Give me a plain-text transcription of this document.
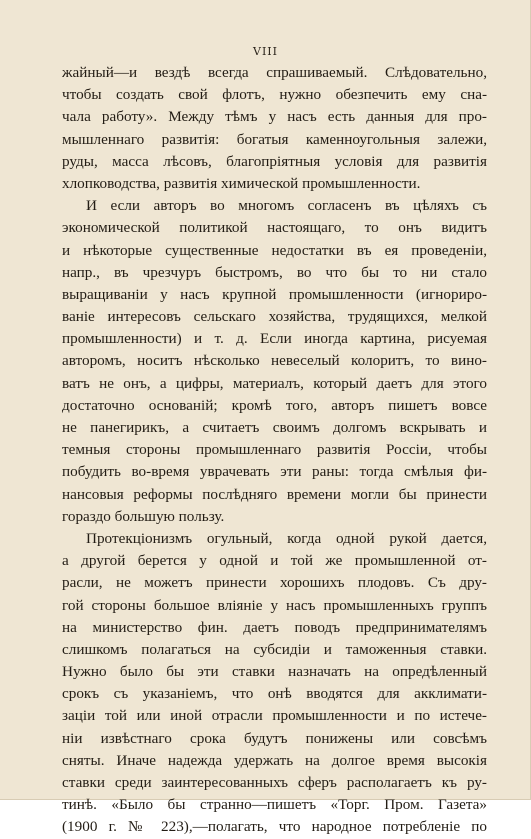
VIII

жайный—и вездѣ всегда спрашиваемый. Слѣдовательно,
чтобы создать свой флотъ, нужно обезпечить ему сна-
чала работу». Между тѣмъ у насъ есть данныя для про-
мышленнаго развитія: богатыя каменноугольныя залежи,
руды, масса лѣсовъ, благопріятныя условія для развитія
хлопководства, развитія химической промышленности.

И если авторъ во многомъ согласенъ въ цѣляхъ съ
экономической политикой настоящаго, то онъ видитъ
и нѣкоторые существенные недостатки въ ея проведеніи,
напр., въ чрезчуръ быстромъ, во что бы то ни стало
выращиваніи у насъ крупной промышленности (игнориро-
ваніе интересовъ сельскаго хозяйства, трудящихся, мелкой
промышленности) и т. д. Если иногда картина, рисуемая
авторомъ, носитъ нѣсколько невеселый колоритъ, то вино-
ватъ не онъ, а цифры, материалъ, который даетъ для этого
достаточно основаній; кромѣ того, авторъ пишетъ вовсе
не панегирикъ, а считаетъ своимъ долгомъ вскрывать и
темныя стороны промышленнаго развитія Россіи, чтобы
побудить во-время уврачевать эти раны: тогда смѣлыя фи-
нансовыя реформы послѣдняго времени могли бы принести
гораздо большую пользу.

Протекціонизмъ огульный, когда одной рукой дается,
а другой берется у одной и той же промышленной от-
расли, не можетъ принести хорошихъ плодовъ. Съ дру-
гой стороны большое вліяніе у насъ промышленныхъ группъ
на министерство фин. даетъ поводъ предпринимателямъ
слишкомъ полагаться на субсидіи и таможенныя ставки.
Нужно было бы эти ставки назначать на опредѣленный
срокъ съ указаніемъ, что онѣ вводятся для акклимати-
заціи той или иной отрасли промышленности и по истече-
ніи извѣстнаго срока будутъ понижены или совсѣмъ
сняты. Иначе надежда удержать на долгое время высокія
ставки среди заинтересованныхъ сферъ располагаетъ къ ру-
тинѣ. «Было бы странно—пишетъ «Торг. Пром. Газета»
(1900 г. № 223),—полагать, что народное потребленіе по
